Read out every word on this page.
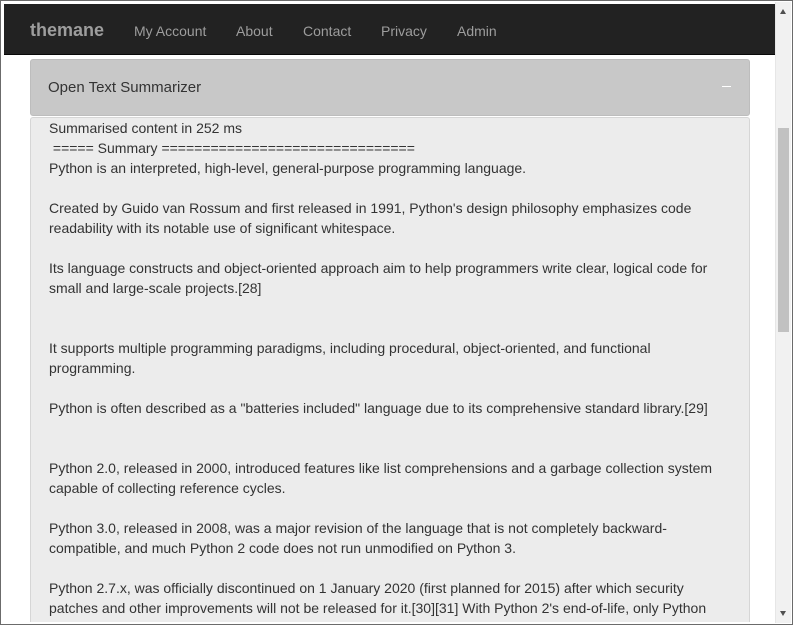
themane My Account About Contact Privacy Admin
Open Text Summarizer

Summarised content in 252 ms

===== Summary ===============================

Python is an interpreted, high-level, general-purpose programming language.

Created by Guido van Rossum and first released in 1991, Python's design philosophy emphasizes code readability with its notable use of significant whitespace.

Its language constructs and object-oriented approach aim to help programmers write clear, logical code for small and large-scale projects.[28]

It supports multiple programming paradigms, including procedural, object-oriented, and functional programming.

Python is often described as a "batteries included" language due to its comprehensive standard library.[29]

Python 2.0, released in 2000, introduced features like list comprehensions and a garbage collection system capable of collecting reference cycles.

Python 3.0, released in 2008, was a major revision of the language that is not completely backward-compatible, and much Python 2 code does not run unmodified on Python 3.

Python 2.7.x, was officially discontinued on 1 January 2020 (first planned for 2015) after which security patches and other improvements will not be released for it.[30][31] With Python 2's end-of-life, only Python
